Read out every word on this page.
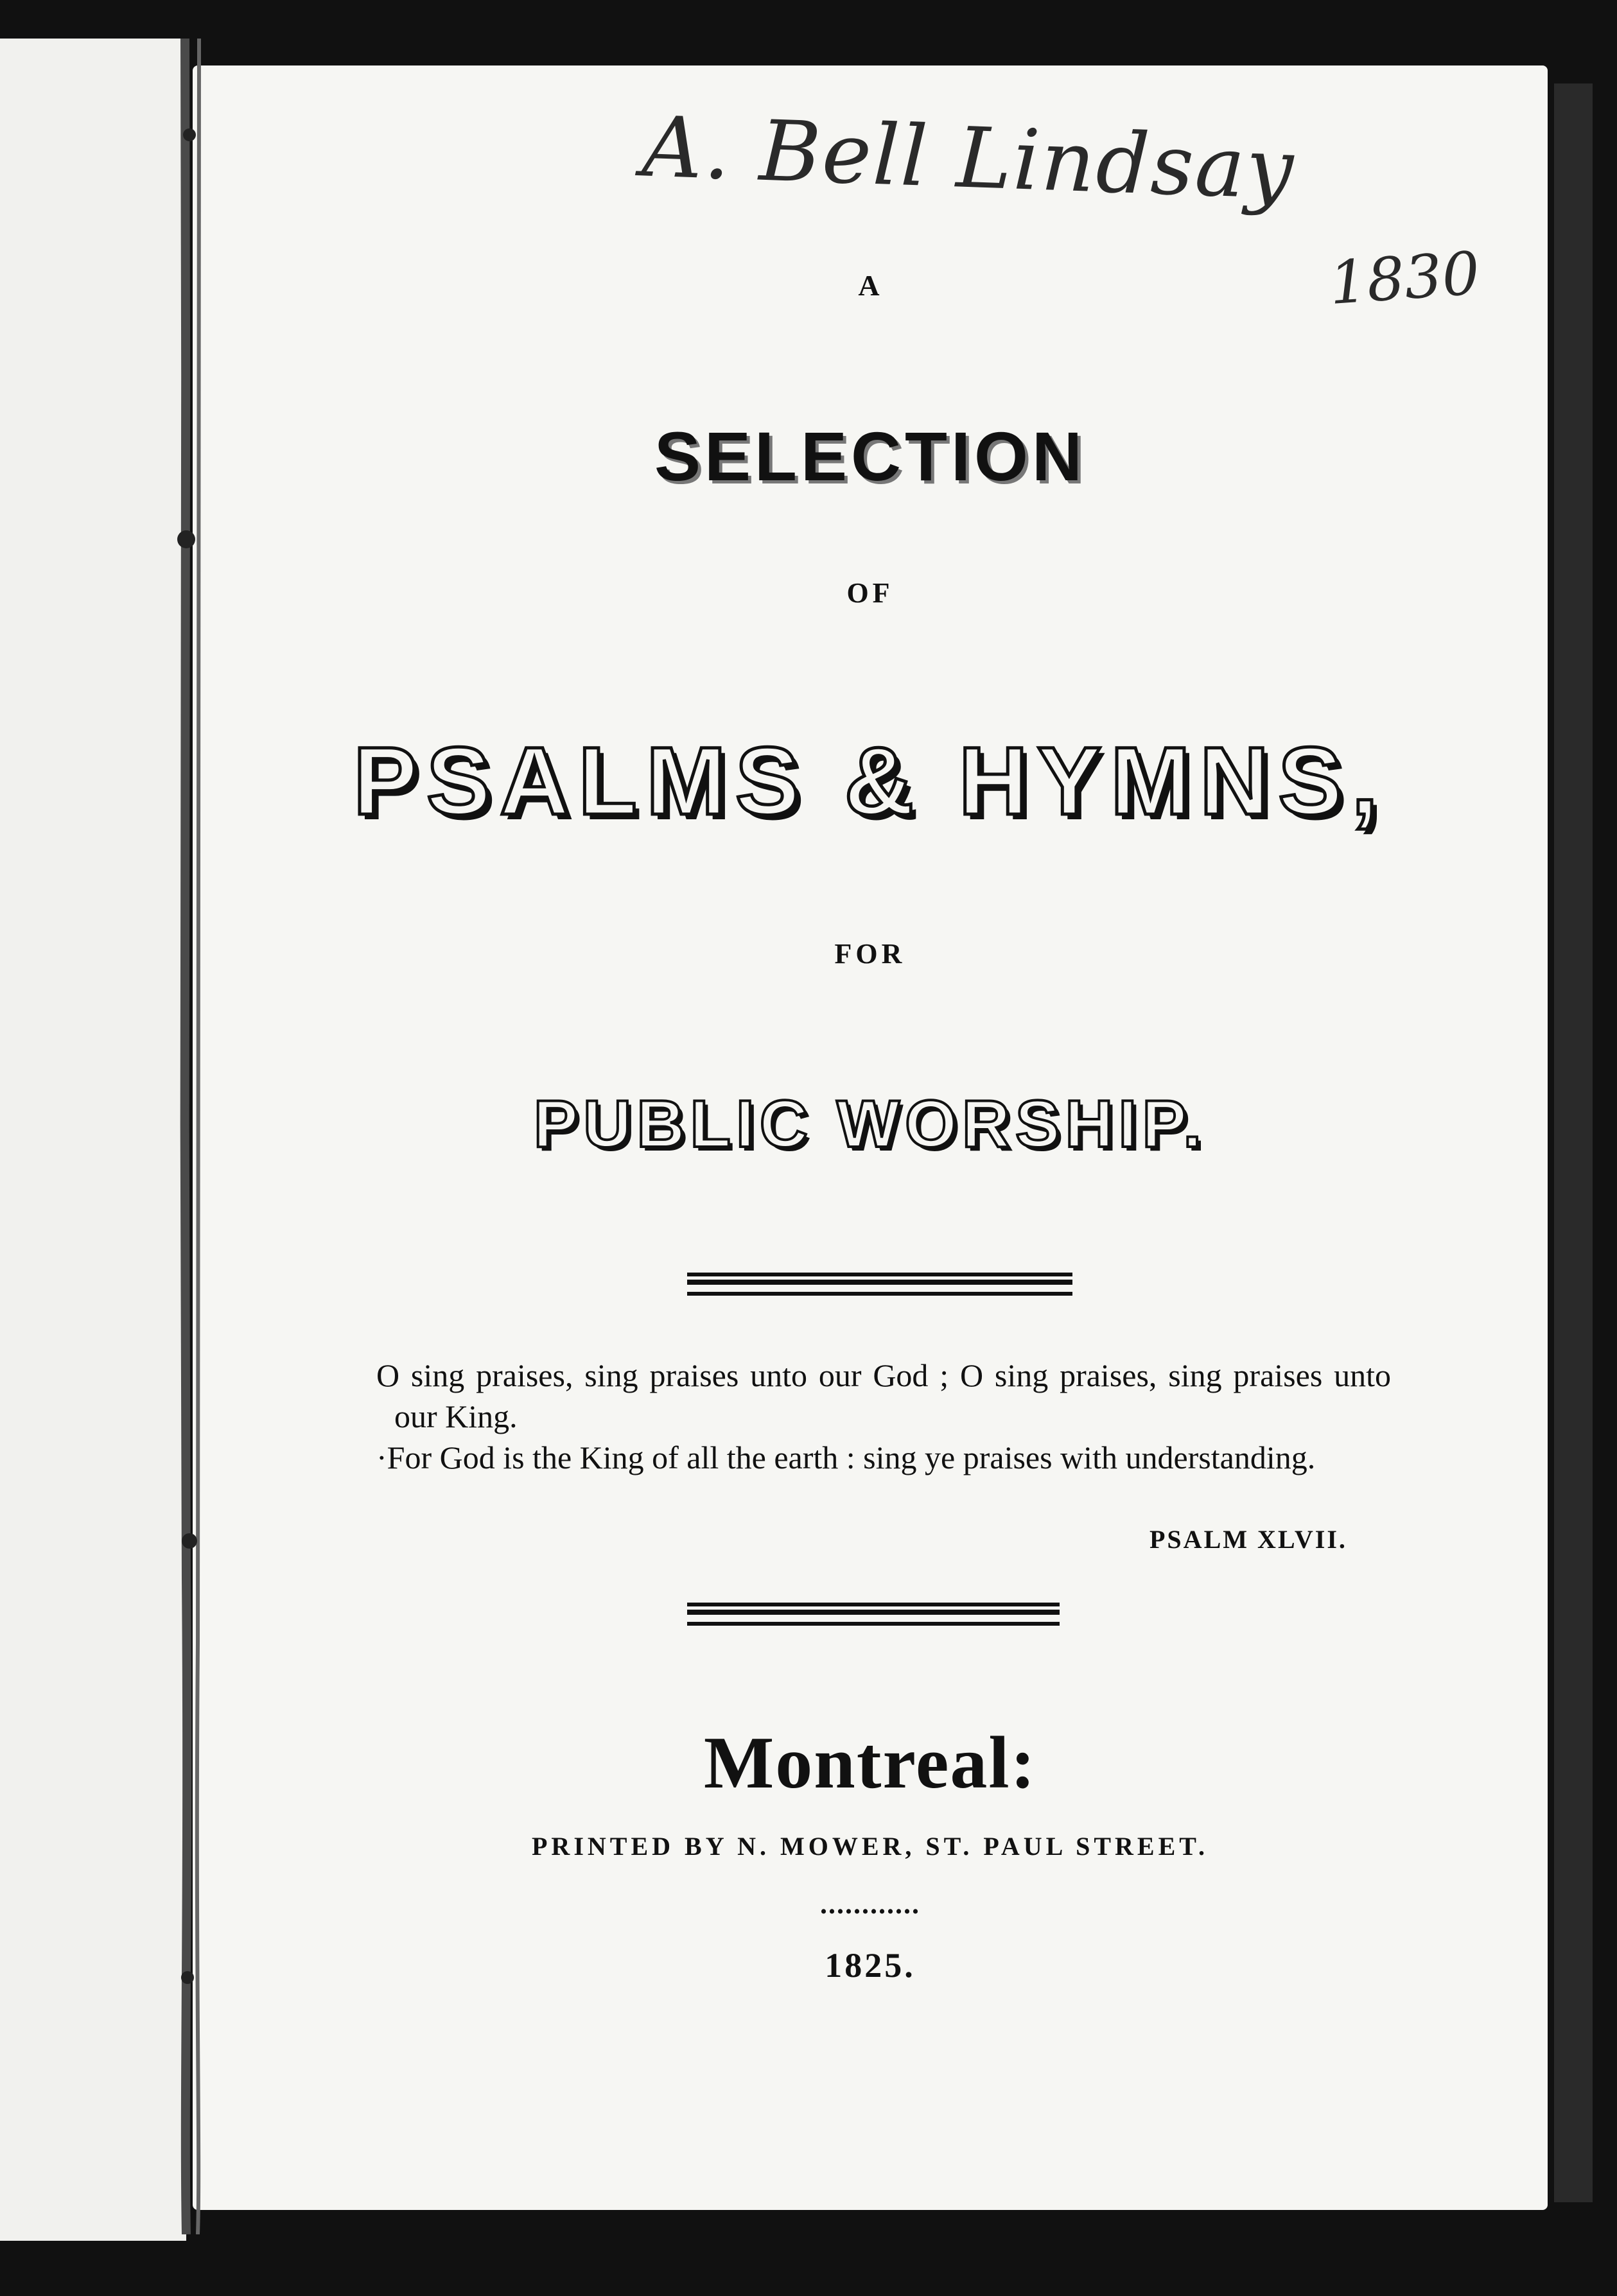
A. Bell Lindsay
1830
A
SELECTION
OF
PSALMS & HYMNS,
FOR
PUBLIC WORSHIP.

O sing praises, sing praises unto our God ; O sing praises, sing praises unto our King.

·For God is the King of all the earth : sing ye praises with understanding.

PSALM XLVII.
Montreal:
PRINTED BY N. MOWER, ST. PAUL STREET.
............
1825.
